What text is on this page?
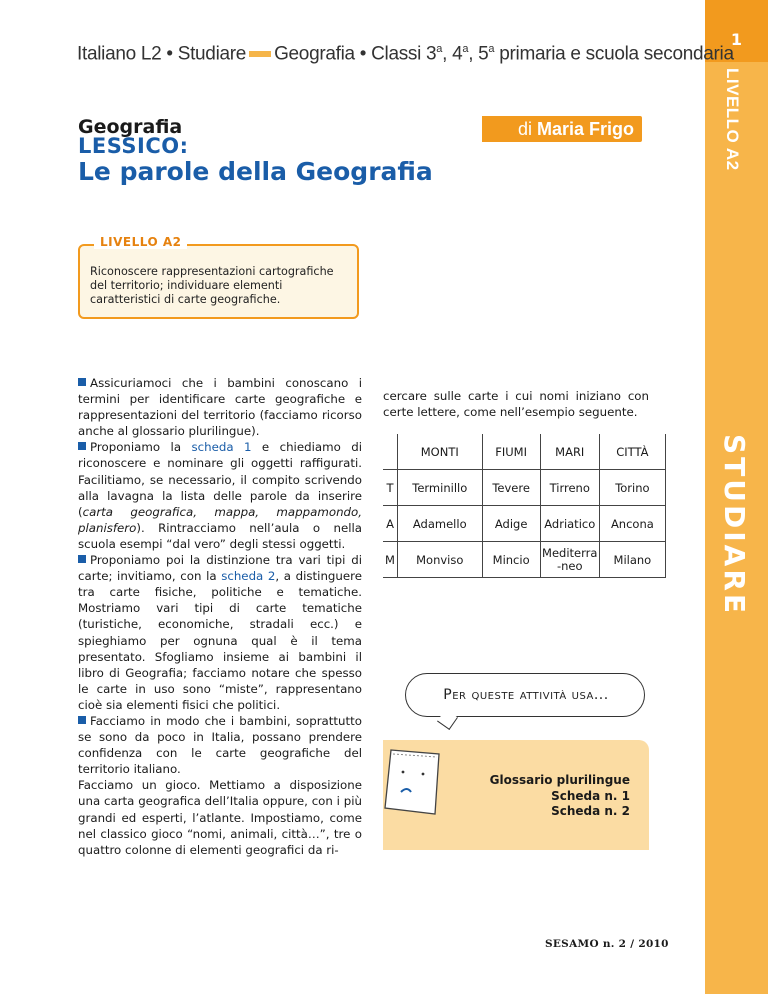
1
LIVELLO A2
STUDIARE
Italiano L2 • Studiare Geografia • Classi 3$^a$, 4$^a$, 5$^a$ primaria e scuola secondaria
Geografia
LESSICO:
Le parole della Geografia
di Maria Frigo
LIVELLO A2
Riconoscere rappresentazioni cartografiche del territorio; individuare elementi caratteristici di carte geografiche.
Assicuriamoci che i bambini conoscano i termini per identificare carte geografiche e rappresentazioni del territorio (facciamo ricorso anche al glossario plurilingue).
Proponiamo la scheda 1 e chiediamo di riconoscere e nominare gli oggetti raffigurati. Facilitiamo, se necessario, il compito scrivendo alla lavagna la lista delle parole da inserire (carta geografica, mappa, mappamondo, planisfero). Rintracciamo nell’aula o nella scuola esempi “dal vero” degli stessi oggetti.
Proponiamo poi la distinzione tra vari tipi di carte; invitiamo, con la scheda 2, a distinguere tra carte fisiche, politiche e tematiche. Mostriamo vari tipi di carte tematiche (turistiche, economiche, stradali ecc.) e spieghiamo per ognuna qual è il tema presentato. Sfogliamo insieme ai bambini il libro di Geografia; facciamo notare che spesso le carte in uso sono “miste”, rappresentano cioè sia elementi fisici che politici.
Facciamo in modo che i bambini, soprattutto se sono da poco in Italia, possano prendere confidenza con le carte geografiche del territorio italiano.
Facciamo un gioco. Mettiamo a disposizione una carta geografica dell’Italia oppure, con i più grandi ed esperti, l’atlante. Impostiamo, come nel classico gioco “nomi, animali, città…”, tre o quattro colonne di elementi geografici da ri-
cercare sulle carte i cui nomi iniziano con certe lettere, come nell’esempio seguente.
	MONTI	FIUMI	MARI	CITTÀ
T	Terminillo	Tevere	Tirreno	Torino
A	Adamello	Adige	Adriatico	Ancona
M	Monviso	Mincio	Mediterra-neo	Milano
Per queste attività usa...
Glossario plurilingue
Scheda n. 1
Scheda n. 2
SESAMO n. 2 / 2010
